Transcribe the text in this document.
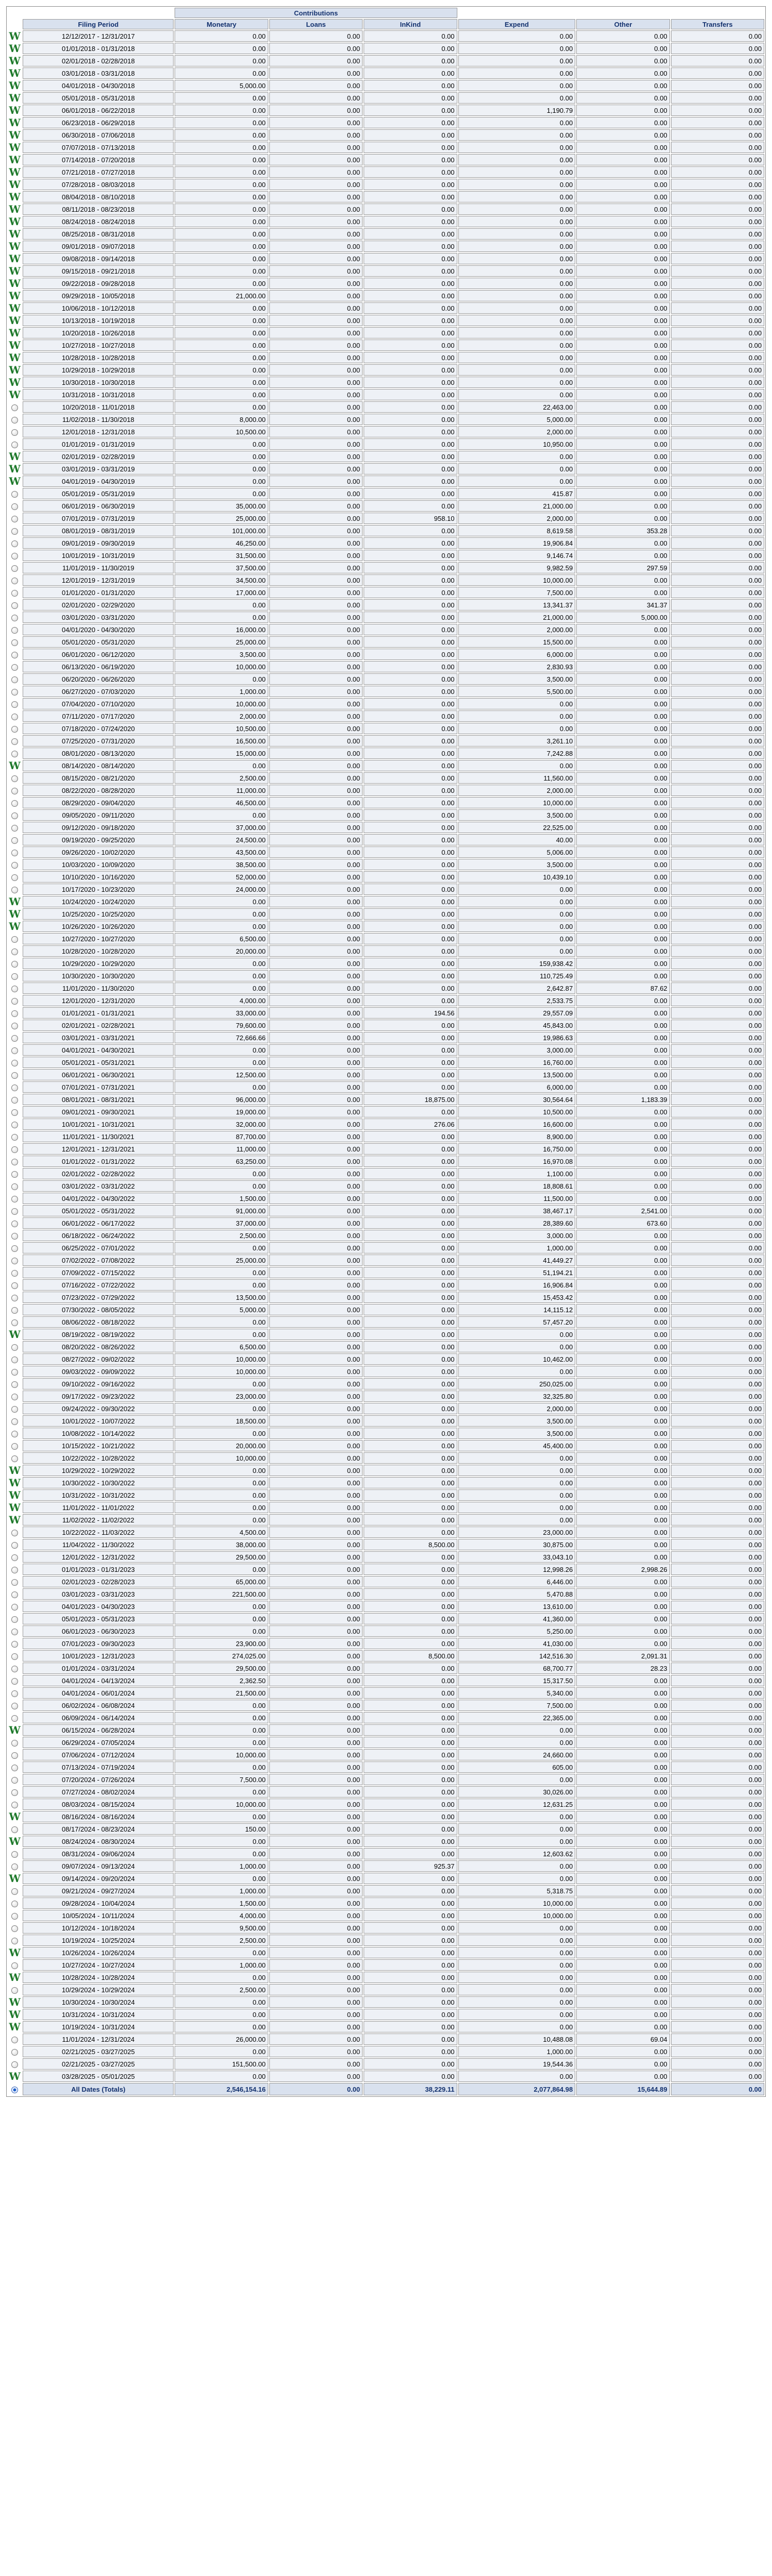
		Contributions					
	Filing Period	Monetary	Loans	InKind	Expend	Other	Transfers
W	12/12/2017 - 12/31/2017	0.00	0.00	0.00	0.00	0.00	0.00
W	01/01/2018 - 01/31/2018	0.00	0.00	0.00	0.00	0.00	0.00
W	02/01/2018 - 02/28/2018	0.00	0.00	0.00	0.00	0.00	0.00
W	03/01/2018 - 03/31/2018	0.00	0.00	0.00	0.00	0.00	0.00
W	04/01/2018 - 04/30/2018	5,000.00	0.00	0.00	0.00	0.00	0.00
W	05/01/2018 - 05/31/2018	0.00	0.00	0.00	0.00	0.00	0.00
W	06/01/2018 - 06/22/2018	0.00	0.00	0.00	1,190.79	0.00	0.00
W	06/23/2018 - 06/29/2018	0.00	0.00	0.00	0.00	0.00	0.00
W	06/30/2018 - 07/06/2018	0.00	0.00	0.00	0.00	0.00	0.00
W	07/07/2018 - 07/13/2018	0.00	0.00	0.00	0.00	0.00	0.00
W	07/14/2018 - 07/20/2018	0.00	0.00	0.00	0.00	0.00	0.00
W	07/21/2018 - 07/27/2018	0.00	0.00	0.00	0.00	0.00	0.00
W	07/28/2018 - 08/03/2018	0.00	0.00	0.00	0.00	0.00	0.00
W	08/04/2018 - 08/10/2018	0.00	0.00	0.00	0.00	0.00	0.00
W	08/11/2018 - 08/23/2018	0.00	0.00	0.00	0.00	0.00	0.00
W	08/24/2018 - 08/24/2018	0.00	0.00	0.00	0.00	0.00	0.00
W	08/25/2018 - 08/31/2018	0.00	0.00	0.00	0.00	0.00	0.00
W	09/01/2018 - 09/07/2018	0.00	0.00	0.00	0.00	0.00	0.00
W	09/08/2018 - 09/14/2018	0.00	0.00	0.00	0.00	0.00	0.00
W	09/15/2018 - 09/21/2018	0.00	0.00	0.00	0.00	0.00	0.00
W	09/22/2018 - 09/28/2018	0.00	0.00	0.00	0.00	0.00	0.00
W	09/29/2018 - 10/05/2018	21,000.00	0.00	0.00	0.00	0.00	0.00
W	10/06/2018 - 10/12/2018	0.00	0.00	0.00	0.00	0.00	0.00
W	10/13/2018 - 10/19/2018	0.00	0.00	0.00	0.00	0.00	0.00
W	10/20/2018 - 10/26/2018	0.00	0.00	0.00	0.00	0.00	0.00
W	10/27/2018 - 10/27/2018	0.00	0.00	0.00	0.00	0.00	0.00
W	10/28/2018 - 10/28/2018	0.00	0.00	0.00	0.00	0.00	0.00
W	10/29/2018 - 10/29/2018	0.00	0.00	0.00	0.00	0.00	0.00
W	10/30/2018 - 10/30/2018	0.00	0.00	0.00	0.00	0.00	0.00
W	10/31/2018 - 10/31/2018	0.00	0.00	0.00	0.00	0.00	0.00
	10/20/2018 - 11/01/2018	0.00	0.00	0.00	22,463.00	0.00	0.00
	11/02/2018 - 11/30/2018	8,000.00	0.00	0.00	5,000.00	0.00	0.00
	12/01/2018 - 12/31/2018	10,500.00	0.00	0.00	2,000.00	0.00	0.00
	01/01/2019 - 01/31/2019	0.00	0.00	0.00	10,950.00	0.00	0.00
W	02/01/2019 - 02/28/2019	0.00	0.00	0.00	0.00	0.00	0.00
W	03/01/2019 - 03/31/2019	0.00	0.00	0.00	0.00	0.00	0.00
W	04/01/2019 - 04/30/2019	0.00	0.00	0.00	0.00	0.00	0.00
	05/01/2019 - 05/31/2019	0.00	0.00	0.00	415.87	0.00	0.00
	06/01/2019 - 06/30/2019	35,000.00	0.00	0.00	21,000.00	0.00	0.00
	07/01/2019 - 07/31/2019	25,000.00	0.00	958.10	2,000.00	0.00	0.00
	08/01/2019 - 08/31/2019	101,000.00	0.00	0.00	8,619.58	353.28	0.00
	09/01/2019 - 09/30/2019	46,250.00	0.00	0.00	19,906.84	0.00	0.00
	10/01/2019 - 10/31/2019	31,500.00	0.00	0.00	9,146.74	0.00	0.00
	11/01/2019 - 11/30/2019	37,500.00	0.00	0.00	9,982.59	297.59	0.00
	12/01/2019 - 12/31/2019	34,500.00	0.00	0.00	10,000.00	0.00	0.00
	01/01/2020 - 01/31/2020	17,000.00	0.00	0.00	7,500.00	0.00	0.00
	02/01/2020 - 02/29/2020	0.00	0.00	0.00	13,341.37	341.37	0.00
	03/01/2020 - 03/31/2020	0.00	0.00	0.00	21,000.00	5,000.00	0.00
	04/01/2020 - 04/30/2020	16,000.00	0.00	0.00	2,000.00	0.00	0.00
	05/01/2020 - 05/31/2020	25,000.00	0.00	0.00	15,500.00	0.00	0.00
	06/01/2020 - 06/12/2020	3,500.00	0.00	0.00	6,000.00	0.00	0.00
	06/13/2020 - 06/19/2020	10,000.00	0.00	0.00	2,830.93	0.00	0.00
	06/20/2020 - 06/26/2020	0.00	0.00	0.00	3,500.00	0.00	0.00
	06/27/2020 - 07/03/2020	1,000.00	0.00	0.00	5,500.00	0.00	0.00
	07/04/2020 - 07/10/2020	10,000.00	0.00	0.00	0.00	0.00	0.00
	07/11/2020 - 07/17/2020	2,000.00	0.00	0.00	0.00	0.00	0.00
	07/18/2020 - 07/24/2020	10,500.00	0.00	0.00	0.00	0.00	0.00
	07/25/2020 - 07/31/2020	16,500.00	0.00	0.00	3,261.10	0.00	0.00
	08/01/2020 - 08/13/2020	15,000.00	0.00	0.00	7,242.88	0.00	0.00
W	08/14/2020 - 08/14/2020	0.00	0.00	0.00	0.00	0.00	0.00
	08/15/2020 - 08/21/2020	2,500.00	0.00	0.00	11,560.00	0.00	0.00
	08/22/2020 - 08/28/2020	11,000.00	0.00	0.00	2,000.00	0.00	0.00
	08/29/2020 - 09/04/2020	46,500.00	0.00	0.00	10,000.00	0.00	0.00
	09/05/2020 - 09/11/2020	0.00	0.00	0.00	3,500.00	0.00	0.00
	09/12/2020 - 09/18/2020	37,000.00	0.00	0.00	22,525.00	0.00	0.00
	09/19/2020 - 09/25/2020	24,500.00	0.00	0.00	40.00	0.00	0.00
	09/26/2020 - 10/02/2020	43,500.00	0.00	0.00	5,006.00	0.00	0.00
	10/03/2020 - 10/09/2020	38,500.00	0.00	0.00	3,500.00	0.00	0.00
	10/10/2020 - 10/16/2020	52,000.00	0.00	0.00	10,439.10	0.00	0.00
	10/17/2020 - 10/23/2020	24,000.00	0.00	0.00	0.00	0.00	0.00
W	10/24/2020 - 10/24/2020	0.00	0.00	0.00	0.00	0.00	0.00
W	10/25/2020 - 10/25/2020	0.00	0.00	0.00	0.00	0.00	0.00
W	10/26/2020 - 10/26/2020	0.00	0.00	0.00	0.00	0.00	0.00
	10/27/2020 - 10/27/2020	6,500.00	0.00	0.00	0.00	0.00	0.00
	10/28/2020 - 10/28/2020	20,000.00	0.00	0.00	0.00	0.00	0.00
	10/29/2020 - 10/29/2020	0.00	0.00	0.00	159,938.42	0.00	0.00
	10/30/2020 - 10/30/2020	0.00	0.00	0.00	110,725.49	0.00	0.00
	11/01/2020 - 11/30/2020	0.00	0.00	0.00	2,642.87	87.62	0.00
	12/01/2020 - 12/31/2020	4,000.00	0.00	0.00	2,533.75	0.00	0.00
	01/01/2021 - 01/31/2021	33,000.00	0.00	194.56	29,557.09	0.00	0.00
	02/01/2021 - 02/28/2021	79,600.00	0.00	0.00	45,843.00	0.00	0.00
	03/01/2021 - 03/31/2021	72,666.66	0.00	0.00	19,986.63	0.00	0.00
	04/01/2021 - 04/30/2021	0.00	0.00	0.00	3,000.00	0.00	0.00
	05/01/2021 - 05/31/2021	0.00	0.00	0.00	16,760.00	0.00	0.00
	06/01/2021 - 06/30/2021	12,500.00	0.00	0.00	13,500.00	0.00	0.00
	07/01/2021 - 07/31/2021	0.00	0.00	0.00	6,000.00	0.00	0.00
	08/01/2021 - 08/31/2021	96,000.00	0.00	18,875.00	30,564.64	1,183.39	0.00
	09/01/2021 - 09/30/2021	19,000.00	0.00	0.00	10,500.00	0.00	0.00
	10/01/2021 - 10/31/2021	32,000.00	0.00	276.06	16,600.00	0.00	0.00
	11/01/2021 - 11/30/2021	87,700.00	0.00	0.00	8,900.00	0.00	0.00
	12/01/2021 - 12/31/2021	11,000.00	0.00	0.00	16,750.00	0.00	0.00
	01/01/2022 - 01/31/2022	63,250.00	0.00	0.00	16,970.08	0.00	0.00
	02/01/2022 - 02/28/2022	0.00	0.00	0.00	1,100.00	0.00	0.00
	03/01/2022 - 03/31/2022	0.00	0.00	0.00	18,808.61	0.00	0.00
	04/01/2022 - 04/30/2022	1,500.00	0.00	0.00	11,500.00	0.00	0.00
	05/01/2022 - 05/31/2022	91,000.00	0.00	0.00	38,467.17	2,541.00	0.00
	06/01/2022 - 06/17/2022	37,000.00	0.00	0.00	28,389.60	673.60	0.00
	06/18/2022 - 06/24/2022	2,500.00	0.00	0.00	3,000.00	0.00	0.00
	06/25/2022 - 07/01/2022	0.00	0.00	0.00	1,000.00	0.00	0.00
	07/02/2022 - 07/08/2022	25,000.00	0.00	0.00	41,449.27	0.00	0.00
	07/09/2022 - 07/15/2022	0.00	0.00	0.00	51,194.21	0.00	0.00
	07/16/2022 - 07/22/2022	0.00	0.00	0.00	16,906.84	0.00	0.00
	07/23/2022 - 07/29/2022	13,500.00	0.00	0.00	15,453.42	0.00	0.00
	07/30/2022 - 08/05/2022	5,000.00	0.00	0.00	14,115.12	0.00	0.00
	08/06/2022 - 08/18/2022	0.00	0.00	0.00	57,457.20	0.00	0.00
W	08/19/2022 - 08/19/2022	0.00	0.00	0.00	0.00	0.00	0.00
	08/20/2022 - 08/26/2022	6,500.00	0.00	0.00	0.00	0.00	0.00
	08/27/2022 - 09/02/2022	10,000.00	0.00	0.00	10,462.00	0.00	0.00
	09/03/2022 - 09/09/2022	10,000.00	0.00	0.00	0.00	0.00	0.00
	09/10/2022 - 09/16/2022	0.00	0.00	0.00	250,025.00	0.00	0.00
	09/17/2022 - 09/23/2022	23,000.00	0.00	0.00	32,325.80	0.00	0.00
	09/24/2022 - 09/30/2022	0.00	0.00	0.00	2,000.00	0.00	0.00
	10/01/2022 - 10/07/2022	18,500.00	0.00	0.00	3,500.00	0.00	0.00
	10/08/2022 - 10/14/2022	0.00	0.00	0.00	3,500.00	0.00	0.00
	10/15/2022 - 10/21/2022	20,000.00	0.00	0.00	45,400.00	0.00	0.00
	10/22/2022 - 10/28/2022	10,000.00	0.00	0.00	0.00	0.00	0.00
W	10/29/2022 - 10/29/2022	0.00	0.00	0.00	0.00	0.00	0.00
W	10/30/2022 - 10/30/2022	0.00	0.00	0.00	0.00	0.00	0.00
W	10/31/2022 - 10/31/2022	0.00	0.00	0.00	0.00	0.00	0.00
W	11/01/2022 - 11/01/2022	0.00	0.00	0.00	0.00	0.00	0.00
W	11/02/2022 - 11/02/2022	0.00	0.00	0.00	0.00	0.00	0.00
	10/22/2022 - 11/03/2022	4,500.00	0.00	0.00	23,000.00	0.00	0.00
	11/04/2022 - 11/30/2022	38,000.00	0.00	8,500.00	30,875.00	0.00	0.00
	12/01/2022 - 12/31/2022	29,500.00	0.00	0.00	33,043.10	0.00	0.00
	01/01/2023 - 01/31/2023	0.00	0.00	0.00	12,998.26	2,998.26	0.00
	02/01/2023 - 02/28/2023	65,000.00	0.00	0.00	6,446.00	0.00	0.00
	03/01/2023 - 03/31/2023	221,500.00	0.00	0.00	5,470.88	0.00	0.00
	04/01/2023 - 04/30/2023	0.00	0.00	0.00	13,610.00	0.00	0.00
	05/01/2023 - 05/31/2023	0.00	0.00	0.00	41,360.00	0.00	0.00
	06/01/2023 - 06/30/2023	0.00	0.00	0.00	5,250.00	0.00	0.00
	07/01/2023 - 09/30/2023	23,900.00	0.00	0.00	41,030.00	0.00	0.00
	10/01/2023 - 12/31/2023	274,025.00	0.00	8,500.00	142,516.30	2,091.31	0.00
	01/01/2024 - 03/31/2024	29,500.00	0.00	0.00	68,700.77	28.23	0.00
	04/01/2024 - 04/13/2024	2,362.50	0.00	0.00	15,317.50	0.00	0.00
	04/01/2024 - 06/01/2024	21,500.00	0.00	0.00	5,340.00	0.00	0.00
	06/02/2024 - 06/08/2024	0.00	0.00	0.00	7,500.00	0.00	0.00
	06/09/2024 - 06/14/2024	0.00	0.00	0.00	22,365.00	0.00	0.00
W	06/15/2024 - 06/28/2024	0.00	0.00	0.00	0.00	0.00	0.00
	06/29/2024 - 07/05/2024	0.00	0.00	0.00	0.00	0.00	0.00
	07/06/2024 - 07/12/2024	10,000.00	0.00	0.00	24,660.00	0.00	0.00
	07/13/2024 - 07/19/2024	0.00	0.00	0.00	605.00	0.00	0.00
	07/20/2024 - 07/26/2024	7,500.00	0.00	0.00	0.00	0.00	0.00
	07/27/2024 - 08/02/2024	0.00	0.00	0.00	30,026.00	0.00	0.00
	08/03/2024 - 08/15/2024	10,000.00	0.00	0.00	12,631.25	0.00	0.00
W	08/16/2024 - 08/16/2024	0.00	0.00	0.00	0.00	0.00	0.00
	08/17/2024 - 08/23/2024	150.00	0.00	0.00	0.00	0.00	0.00
W	08/24/2024 - 08/30/2024	0.00	0.00	0.00	0.00	0.00	0.00
	08/31/2024 - 09/06/2024	0.00	0.00	0.00	12,603.62	0.00	0.00
	09/07/2024 - 09/13/2024	1,000.00	0.00	925.37	0.00	0.00	0.00
W	09/14/2024 - 09/20/2024	0.00	0.00	0.00	0.00	0.00	0.00
	09/21/2024 - 09/27/2024	1,000.00	0.00	0.00	5,318.75	0.00	0.00
	09/28/2024 - 10/04/2024	1,500.00	0.00	0.00	10,000.00	0.00	0.00
	10/05/2024 - 10/11/2024	4,000.00	0.00	0.00	10,000.00	0.00	0.00
	10/12/2024 - 10/18/2024	9,500.00	0.00	0.00	0.00	0.00	0.00
	10/19/2024 - 10/25/2024	2,500.00	0.00	0.00	0.00	0.00	0.00
W	10/26/2024 - 10/26/2024	0.00	0.00	0.00	0.00	0.00	0.00
	10/27/2024 - 10/27/2024	1,000.00	0.00	0.00	0.00	0.00	0.00
W	10/28/2024 - 10/28/2024	0.00	0.00	0.00	0.00	0.00	0.00
	10/29/2024 - 10/29/2024	2,500.00	0.00	0.00	0.00	0.00	0.00
W	10/30/2024 - 10/30/2024	0.00	0.00	0.00	0.00	0.00	0.00
W	10/31/2024 - 10/31/2024	0.00	0.00	0.00	0.00	0.00	0.00
W	10/19/2024 - 10/31/2024	0.00	0.00	0.00	0.00	0.00	0.00
	11/01/2024 - 12/31/2024	26,000.00	0.00	0.00	10,488.08	69.04	0.00
	02/21/2025 - 03/27/2025	0.00	0.00	0.00	1,000.00	0.00	0.00
	02/21/2025 - 03/27/2025	151,500.00	0.00	0.00	19,544.36	0.00	0.00
W	03/28/2025 - 05/01/2025	0.00	0.00	0.00	0.00	0.00	0.00
	All Dates (Totals)	2,546,154.16	0.00	38,229.11	2,077,864.98	15,644.89	0.00
